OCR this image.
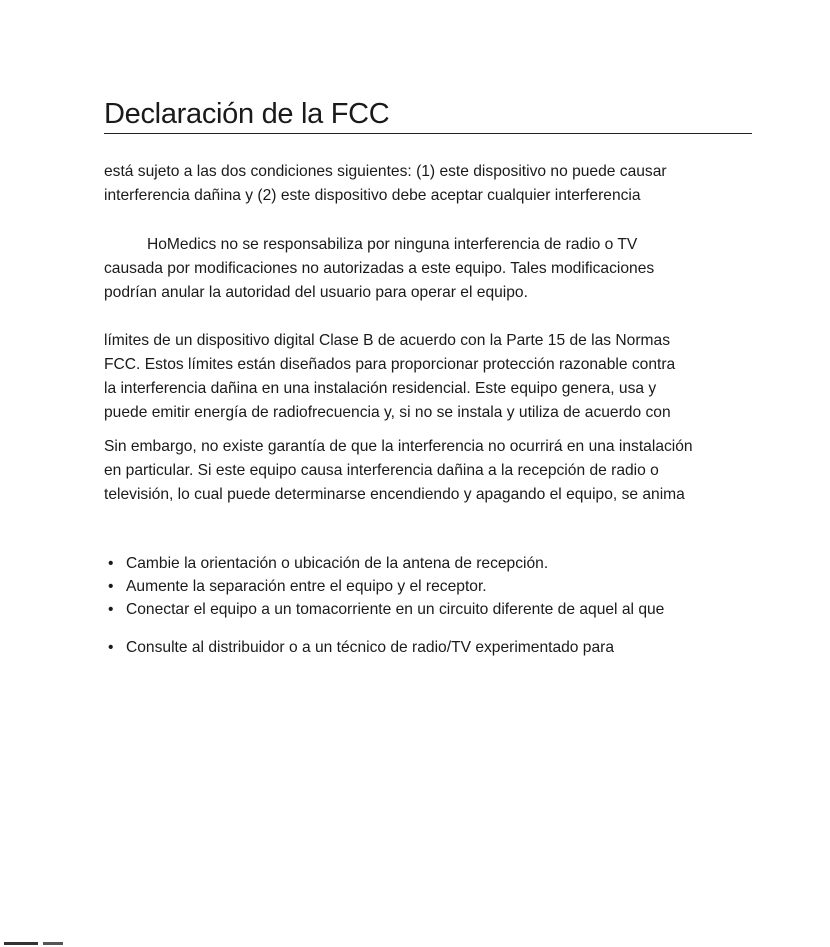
Declaración de la FCC

está sujeto a las dos condiciones siguientes: (1) este dispositivo no puede causar
interferencia dañina y (2) este dispositivo debe aceptar cualquier interferencia

HoMedics no se responsabiliza por ninguna interferencia de radio o TV
causada por modificaciones no autorizadas a este equipo. Tales modificaciones
podrían anular la autoridad del usuario para operar el equipo.

límites de un dispositivo digital Clase B de acuerdo con la Parte 15 de las Normas
FCC. Estos límites están diseñados para proporcionar protección razonable contra
la interferencia dañina en una instalación residencial. Este equipo genera, usa y
puede emitir energía de radiofrecuencia y, si no se instala y utiliza de acuerdo con

Sin embargo, no existe garantía de que la interferencia no ocurrirá en una instalación
en particular. Si este equipo causa interferencia dañina a la recepción de radio o
televisión, lo cual puede determinarse encendiendo y apagando el equipo, se anima

• Cambie la orientación o ubicación de la antena de recepción.
• Aumente la separación entre el equipo y el receptor.
• Conectar el equipo a un tomacorriente en un circuito diferente de aquel al que
• Consulte al distribuidor o a un técnico de radio/TV experimentado para
